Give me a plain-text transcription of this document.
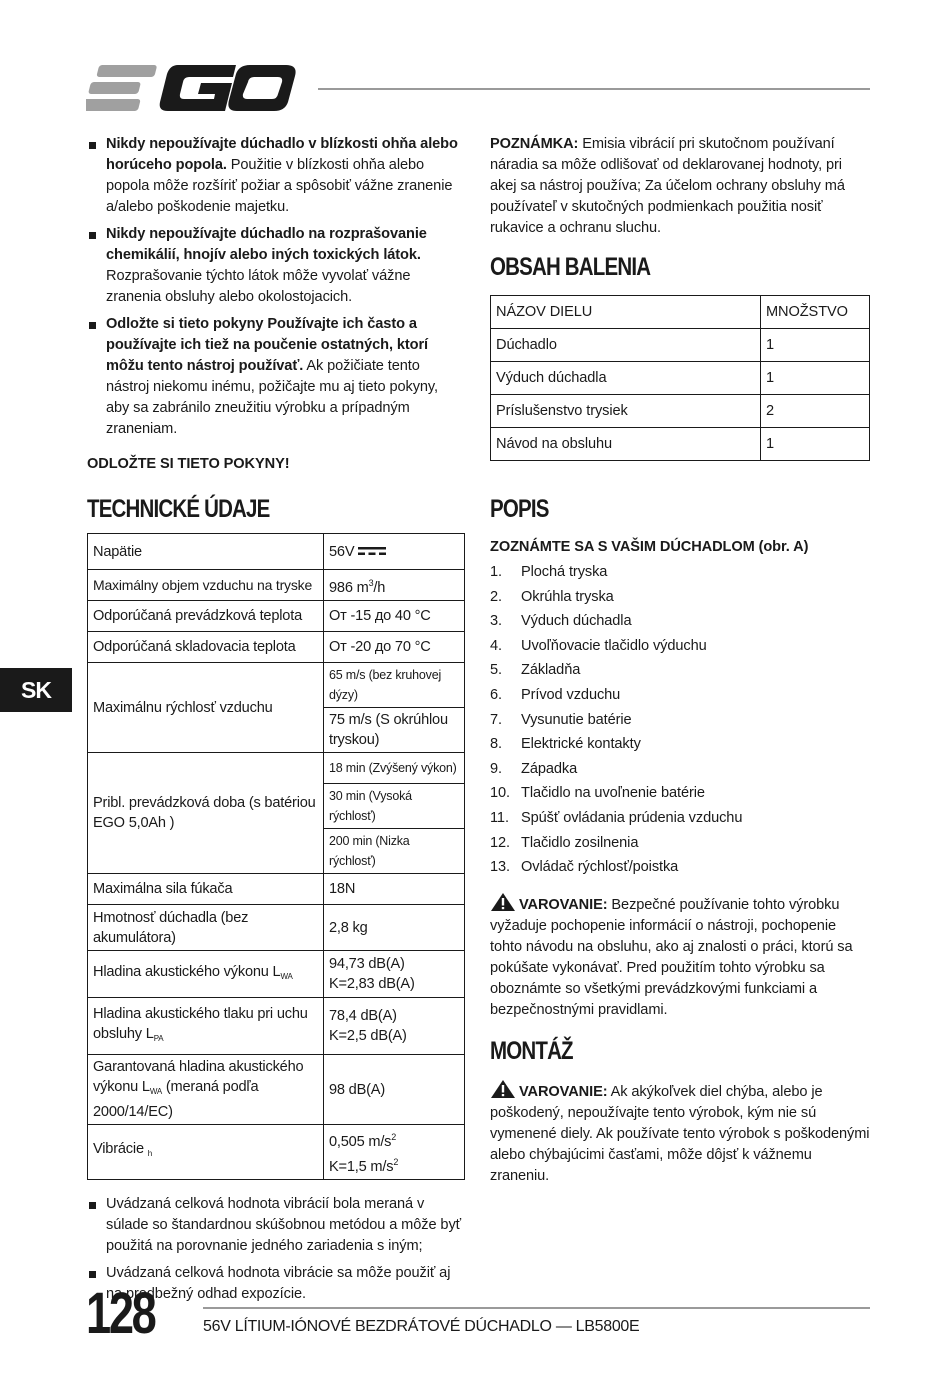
SK
Nikdy nepoužívajte dúchadlo v blízkosti ohňa alebo horúceho popola. Použitie v blízkosti ohňa alebo popola môže rozšíriť požiar a spôsobiť vážne zranenie a/alebo poškodenie majetku.
Nikdy nepoužívajte dúchadlo na rozprašovanie chemikálií, hnojív alebo iných toxických látok. Rozprašovanie týchto látok môže vyvolať vážne zranenia obsluhy alebo okolostojacich.
Odložte si tieto pokyny Používajte ich často a používajte ich tiež na poučenie ostatných, ktorí môžu tento nástroj používať. Ak požičiate tento nástroj niekomu inému, požičajte mu aj tieto pokyny, aby sa zabránilo zneužitiu výrobku a prípadným zraneniam.

ODLOŽTE SI TIETO POKYNY!

TECHNICKÉ ÚDAJE
Napätie	56V
Maximálny objem vzduchu na tryske	986 $m^3/h$
Odporúčaná prevádzková teplota	От -15 до 40 °C
Odporúčaná skladovacia teplota	От -20 до 70 °C
Maximálnu rýchlosť vzduchu	65 m/s (bez kruhovej dýzy)
	75 m/s (S okrúhlou tryskou)
Pribl. prevádzková doba (s batériou EGO 5,0Ah )	18 min (Zvýšený výkon)
	30 min (Vysoká rýchlosť)
	200 min (Nizka rýchlosť)
Maximálna sila fúkača	18N
Hmotnosť dúchadla (bez akumulátora)	2,8 kg
Hladina akustického výkonu $L_{WA}$	94,73 dB(A)
K=2,83 dB(A)
Hladina akustického tlaku pri uchu obsluhy $L_{PA}$	78,4 dB(A)
K=2,5 dB(A)
Garantovaná hladina akustického výkonu $L_{WA}$ (meraná podľa 2000/14/EC)	98 dB(A)
Vibrácie $_h$	0,505 $m/s^2$
K=1,5 $m/s^2$
Uvádzaná celková hodnota vibrácií bola meraná v súlade so štandardnou skúšobnou metódou a môže byť použitá na porovnanie jedného zariadenia s iným;
Uvádzaná celková hodnota vibrácie sa môže použiť aj na predbežný odhad expozície.

POZNÁMKA: Emisia vibrácií pri skutočnom používaní náradia sa môže odlišovať od deklarovanej hodnoty, pri akej sa nástroj používa; Za účelom ochrany obsluhy má používateľ v skutočných podmienkach použitia nosiť rukavice a ochranu sluchu.

OBSAH BALENIA
NÁZOV DIELU	MNOŽSTVO
Dúchadlo	1
Výduch dúchadla	1
Príslušenstvo trysiek	2
Návod na obsluhu	1
POPIS

ZOZNÁMTE SA S VAŠIM DÚCHADLOM (obr. A)

1.	Plochá tryska
2.	Okrúhla tryska
3.	Výduch dúchadla
4.	Uvoľňovacie tlačidlo výduchu
5.	Základňa
6.	Prívod vzduchu
7.	Vysunutie batérie
8.	Elektrické kontakty
9.	Západka
10. Tlačidlo na uvoľnenie batérie
11. Spúšť ovládania prúdenia vzduchu
12. Tlačidlo zosilnenia
13. Ovládač rýchlosť/poistka

VAROVANIE: Bezpečné používanie tohto výrobku vyžaduje pochopenie informácií o nástroji, pochopenie tohto návodu na obsluhu, ako aj znalosti o práci, ktorú sa pokúšate vykonávať. Pred použitím tohto výrobku sa oboznámte so všetkými prevádzkovými funkciami a bezpečnostnými pravidlami.

MONTÁŽ

VAROVANIE: Ak akýkoľvek diel chýba, alebo je poškodený, nepoužívajte tento výrobok, kým nie sú vymenené diely. Ak používate tento výrobok s poškodenými alebo chýbajúcimi časťami, môže dôjsť k vážnemu zraneniu.

128	56V LÍTIUM-IÓNOVÉ BEZDRÁTOVÉ DÚCHADLO — LB5800E
